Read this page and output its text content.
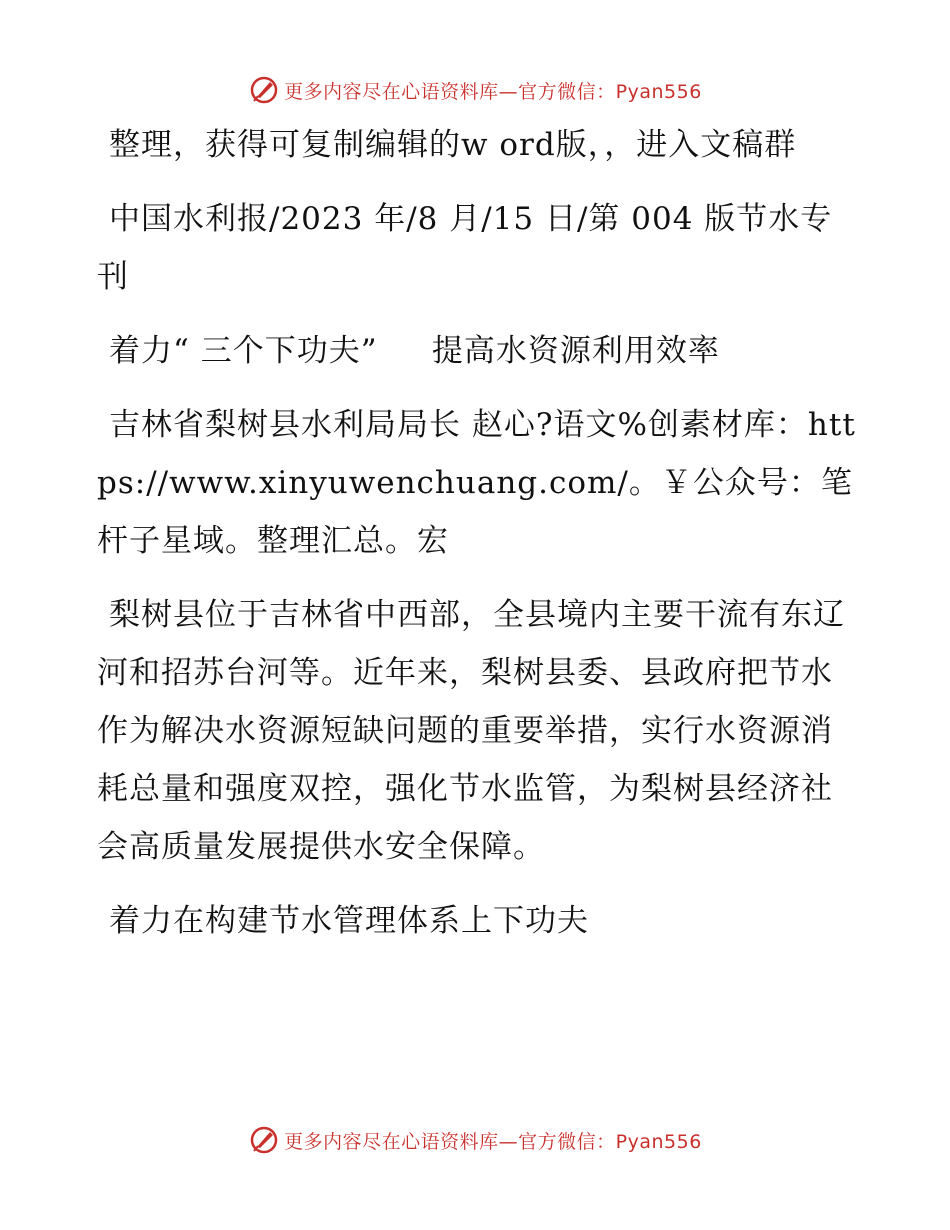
更多内容尽在心语资料库—官方微信：Pyan556

整理，获得可复制编辑的w ord版，，进入文稿群

中国水利报/2023 年/8 月/15 日/第 004 版节水专刊

着力“ 三个下功夫”     提高水资源利用效率

吉林省梨树县水利局局长 赵心?语文%创素材库：https://www.xinyuwenchuang.com/。￥公众号：笔杆子星域。整理汇总。宏

梨树县位于吉林省中西部，全县境内主要干流有东辽河和招苏台河等。近年来，梨树县委、县政府把节水作为解决水资源短缺问题的重要举措，实行水资源消耗总量和强度双控，强化节水监管，为梨树县经济社会高质量发展提供水安全保障。

着力在构建节水管理体系上下功夫

更多内容尽在心语资料库—官方微信：Pyan556
